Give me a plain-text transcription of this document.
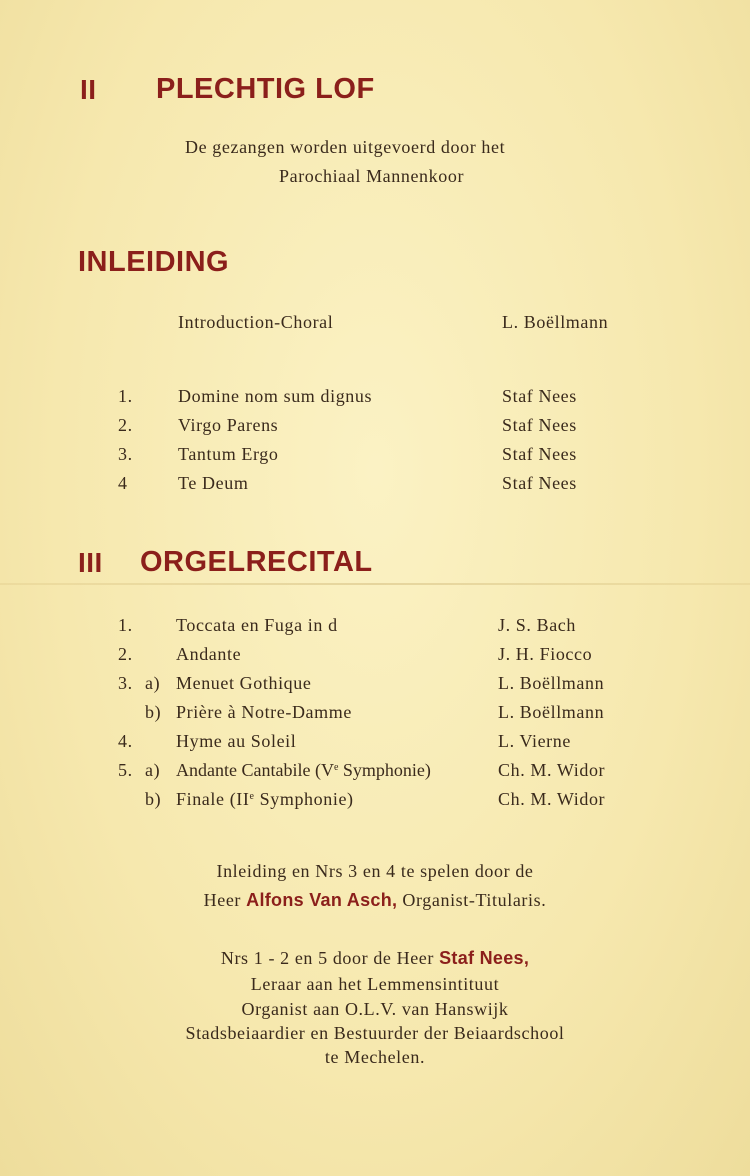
II PLECHTIG LOF
De gezangen worden uitgevoerd door het
Parochiaal Mannenkoor
INLEIDING
Introduction-Choral	L. Boëllmann
1.	Domine nom sum dignus	Staf Nees
2.	Virgo Parens	Staf Nees
3.	Tantum Ergo	Staf Nees
4	Te Deum	Staf Nees
III ORGELRECITAL
1. Toccata en Fuga in d	J. S. Bach
2. Andante	J. H. Fiocco
3. a) Menuet Gothique	L. Boëllmann
b) Prière à Notre-Damme	L. Boëllmann
4. Hyme au Soleil	L. Vierne
5. a) Andante Cantabile (Ve Symphonie)	Ch. M. Widor
b) Finale (IIe Symphonie)	Ch. M. Widor
Inleiding en Nrs 3 en 4 te spelen door de
Heer Alfons Van Asch, Organist-Titularis.
Nrs 1 - 2 en 5 door de Heer Staf Nees,
Leraar aan het Lemmensintituut
Organist aan O.L.V. van Hanswijk
Stadsbeiaardier en Bestuurder der Beiaardschool
te Mechelen.
